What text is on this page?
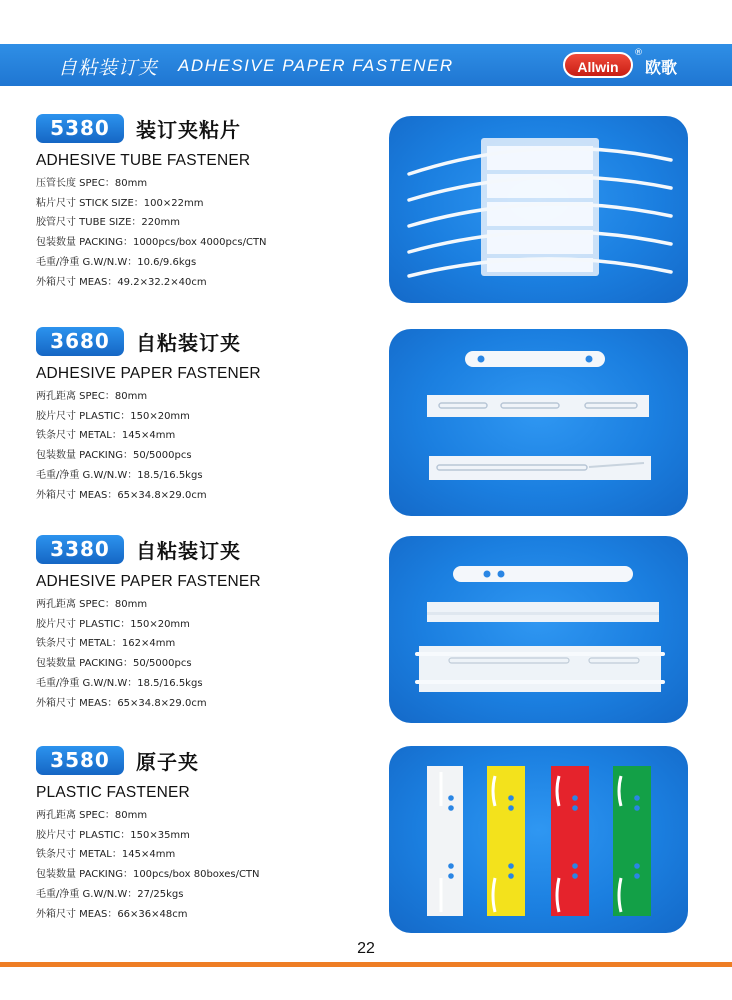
自粘装订夹 ADHESIVE PAPER FASTENER	Allwin
®
欧歌
5380 装订夹粘片
ADHESIVE TUBE FASTENER
压管长度 SPEC：80mm
粘片尺寸 STICK SIZE：100×22mm
胶管尺寸 TUBE SIZE：220mm
包装数量 PACKING：1000pcs/box 4000pcs/CTN
毛重/净重 G.W/N.W：10.6/9.6kgs
外箱尺寸 MEAS：49.2×32.2×40cm
3680 自粘装订夹
ADHESIVE PAPER FASTENER
两孔距离 SPEC：80mm
胶片尺寸 PLASTIC：150×20mm
铁条尺寸 METAL：145×4mm
包装数量 PACKING：50/5000pcs
毛重/净重 G.W/N.W：18.5/16.5kgs
外箱尺寸 MEAS：65×34.8×29.0cm
3380 自粘装订夹
ADHESIVE PAPER FASTENER
两孔距离 SPEC：80mm
胶片尺寸 PLASTIC：150×20mm
铁条尺寸 METAL：162×4mm
包装数量 PACKING：50/5000pcs
毛重/净重 G.W/N.W：18.5/16.5kgs
外箱尺寸 MEAS：65×34.8×29.0cm
3580 原子夹
PLASTIC FASTENER
两孔距离 SPEC：80mm
胶片尺寸 PLASTIC：150×35mm
铁条尺寸 METAL：145×4mm
包装数量 PACKING：100pcs/box 80boxes/CTN
毛重/净重 G.W/N.W：27/25kgs
外箱尺寸 MEAS：66×36×48cm
22
